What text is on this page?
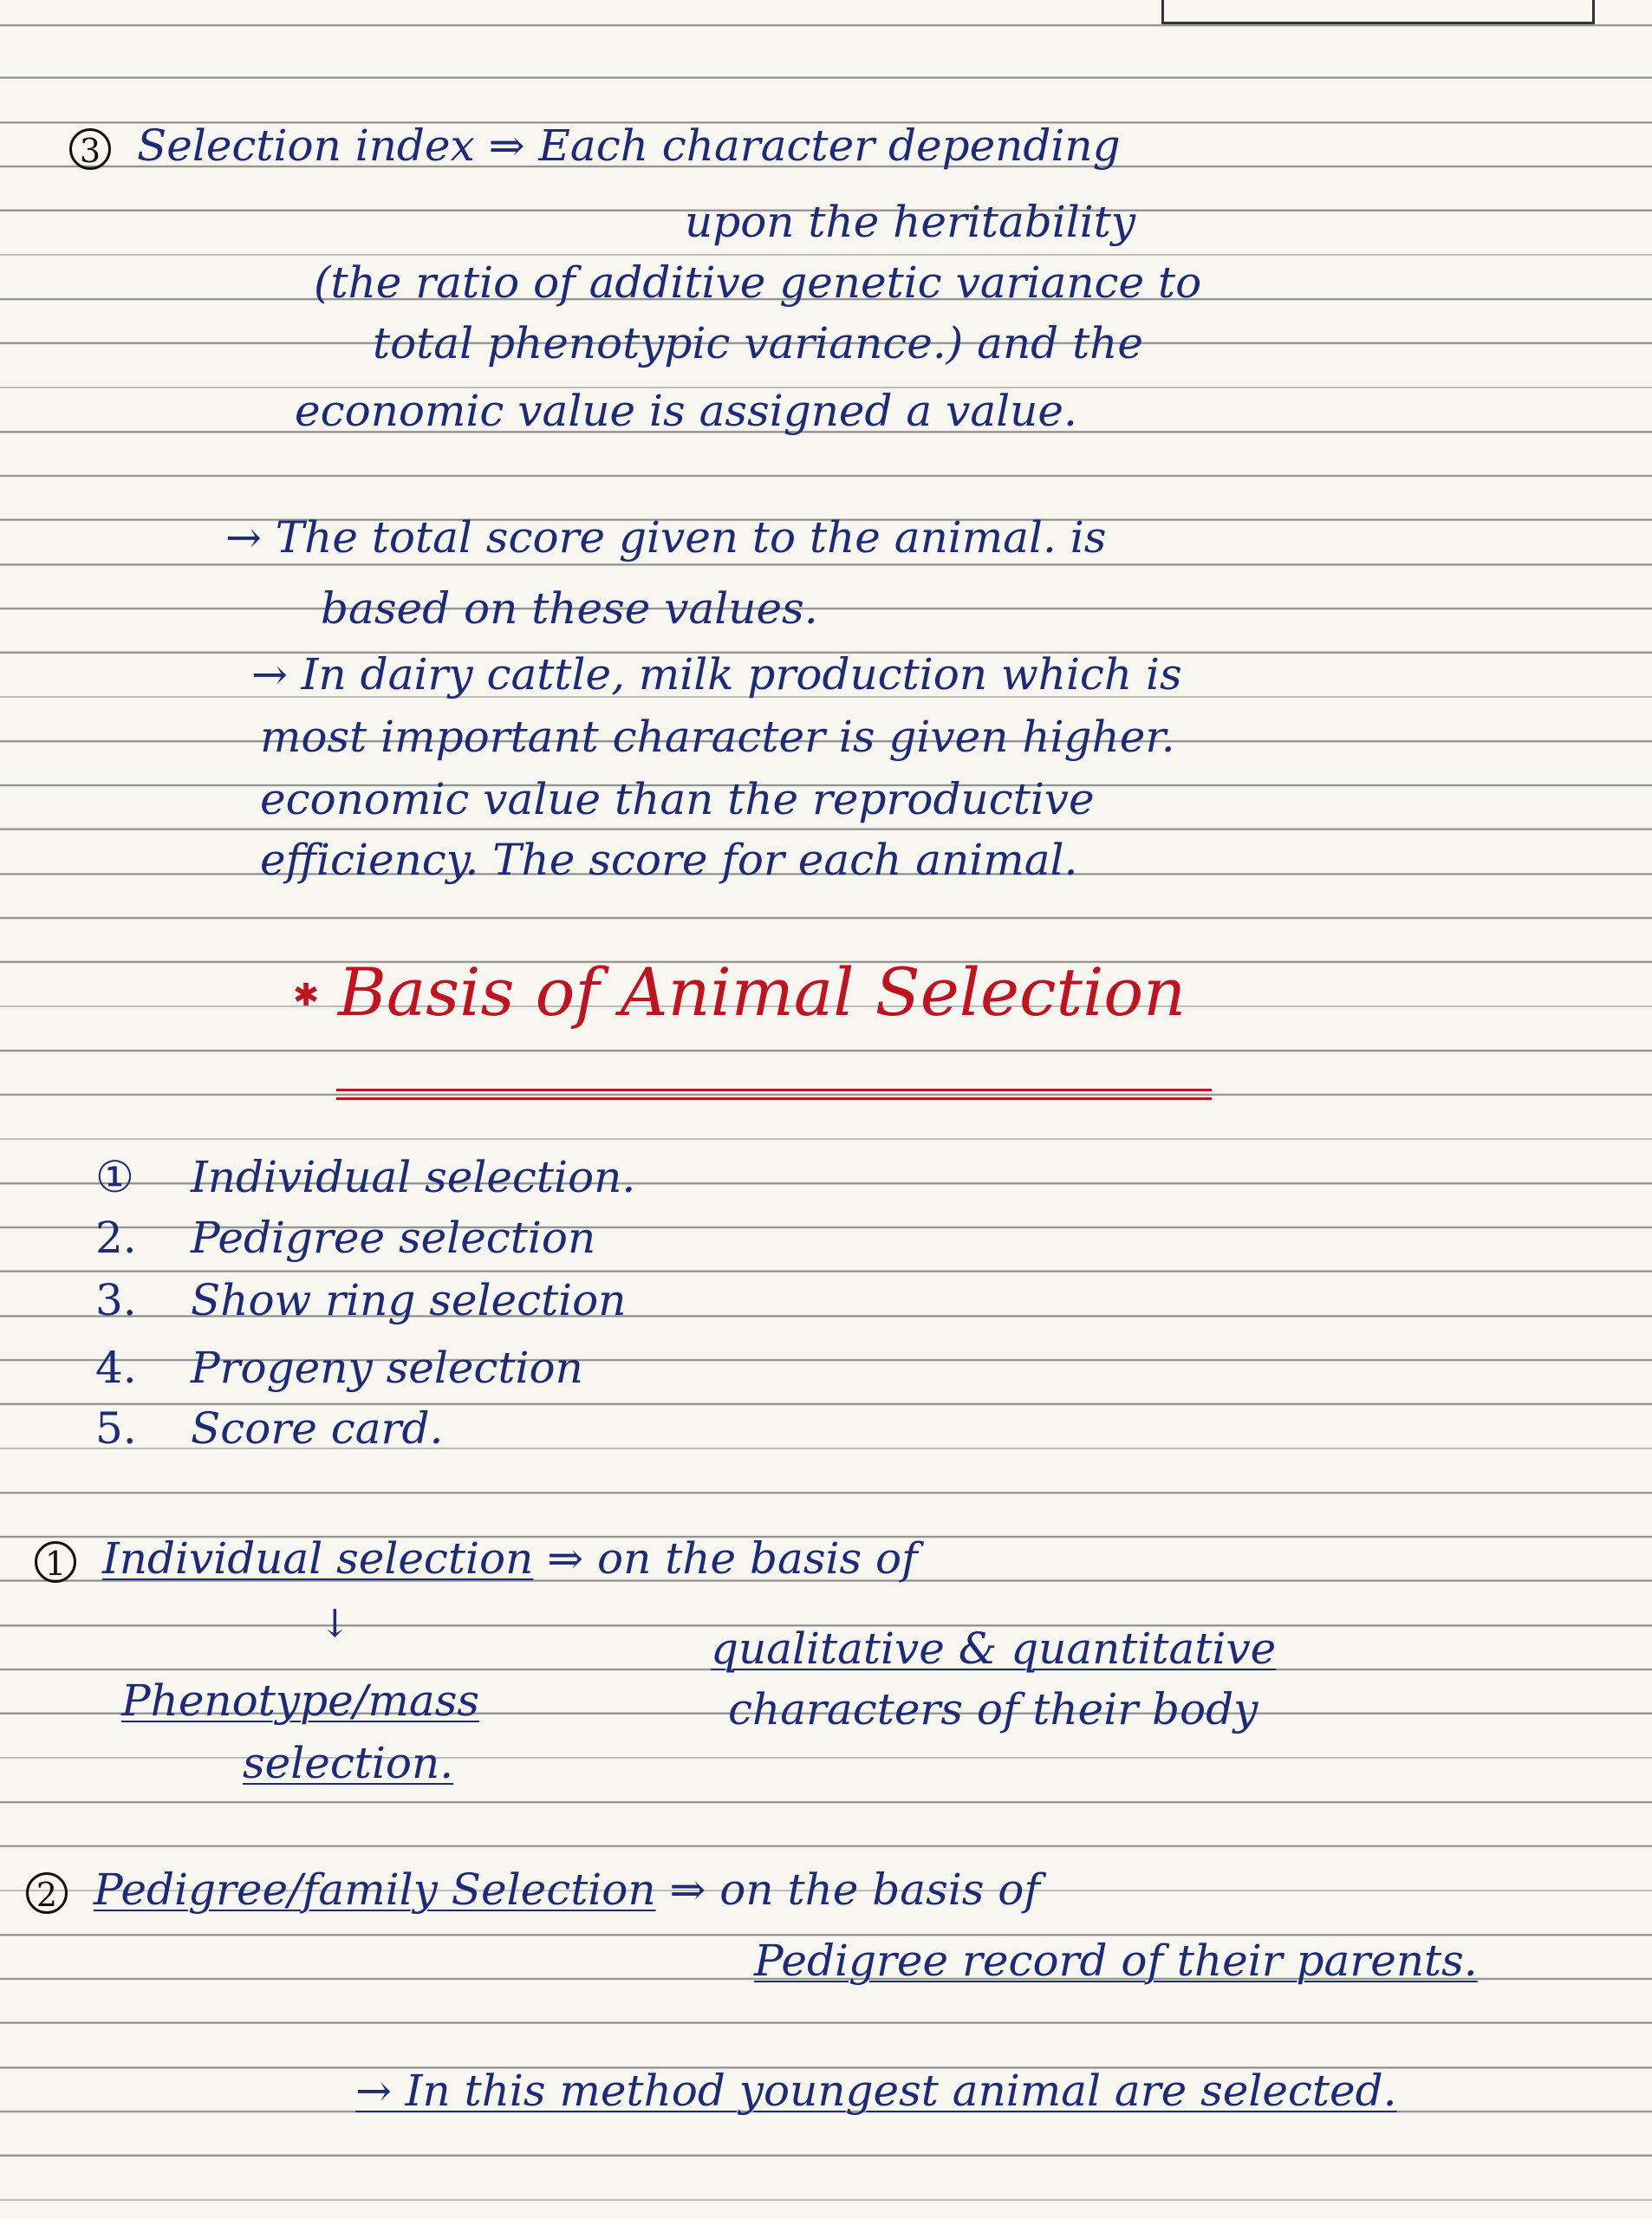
3 Selection index ⇒ Each character depending
upon the heritability
(the ratio of additive genetic variance to
total phenotypic variance.) and the
economic value is assigned a value.
→ The total score given to the animal. is
based on these values.
→ In dairy cattle, milk production which is
most important character is given higher.
economic value than the reproductive
efficiency. The score for each animal.
✱ Basis of Animal Selection
① Individual selection.
2. Pedigree selection
3. Show ring selection
4. Progeny selection
5. Score card.
1 Individual selection ⇒ on the basis of
↓	qualitative & quantitative
characters of their body
Phenotype/mass
selection.
2 Pedigree/family Selection ⇒ on the basis of
Pedigree record of their parents.
→ In this method youngest animal are selected.
